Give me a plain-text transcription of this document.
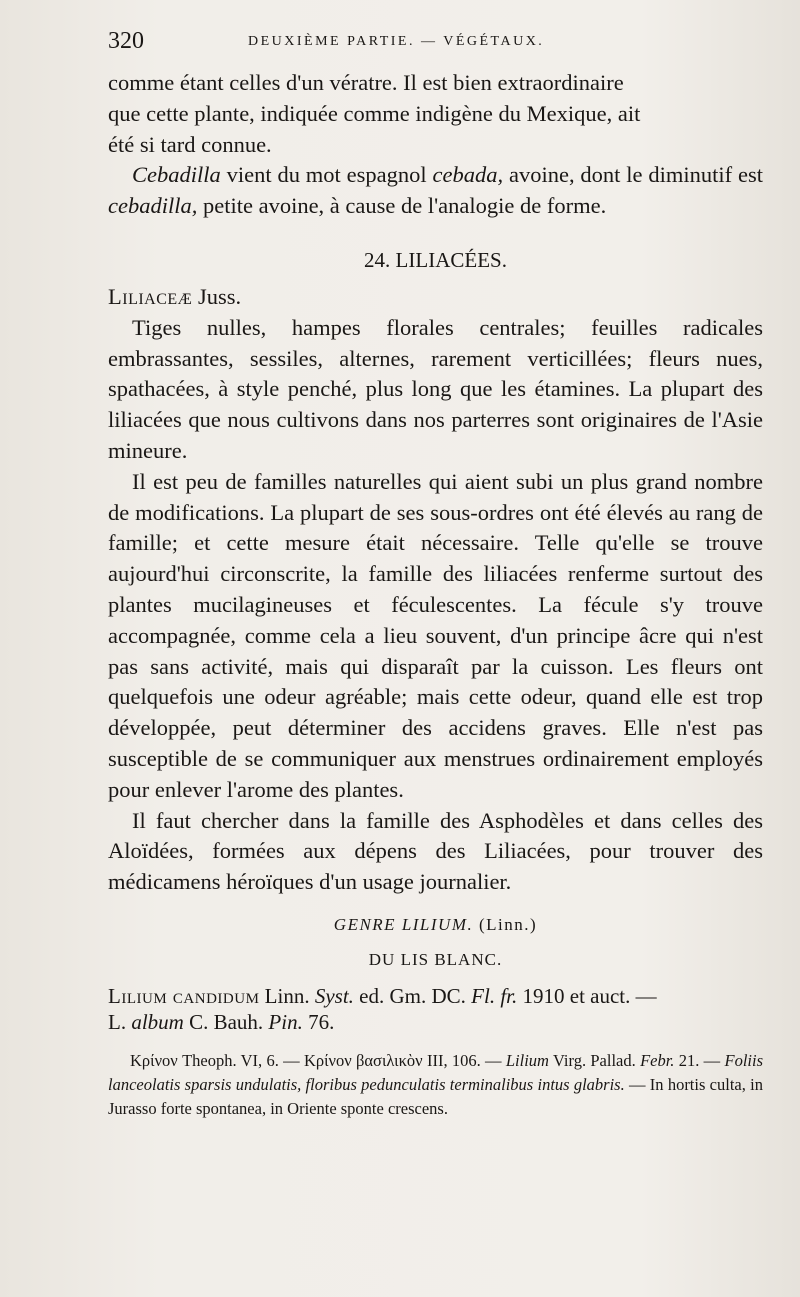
320	DEUXIÈME PARTIE. — VÉGÉTAUX.

comme étant celles d'un vératre. Il est bien extraordinaire

que cette plante, indiquée comme indigène du Mexique, ait

été si tard connue.

Cebadilla vient du mot espagnol cebada, avoine, dont le diminutif est cebadilla, petite avoine, à cause de l'analogie de forme.

24. LILIACÉES.

Liliaceæ Juss.

Tiges nulles, hampes florales centrales; feuilles radicales embrassantes, sessiles, alternes, rarement verticillées; fleurs nues, spathacées, à style penché, plus long que les étamines. La plupart des liliacées que nous cultivons dans nos parterres sont originaires de l'Asie mineure.

Il est peu de familles naturelles qui aient subi un plus grand nombre de modifications. La plupart de ses sous-ordres ont été élevés au rang de famille; et cette mesure était nécessaire. Telle qu'elle se trouve aujourd'hui circonscrite, la famille des liliacées renferme surtout des plantes mucilagineuses et féculescentes. La fécule s'y trouve accompagnée, comme cela a lieu souvent, d'un principe âcre qui n'est pas sans activité, mais qui disparaît par la cuisson. Les fleurs ont quelquefois une odeur agréable; mais cette odeur, quand elle est trop développée, peut déterminer des accidens graves. Elle n'est pas susceptible de se communiquer aux menstrues ordinairement employés pour enlever l'arome des plantes.

Il faut chercher dans la famille des Asphodèles et dans celles des Aloïdées, formées aux dépens des Liliacées, pour trouver des médicamens héroïques d'un usage journalier.

GENRE LILIUM. (Linn.)
DU LIS BLANC.
Lilium candidum Linn. Syst. ed. Gm. DC. Fl. fr. 1910 et auct. —
L. album C. Bauh. Pin. 76.
Κρίνον Theoph. VI, 6. — Κρίνον βασιλικὸν III, 106. — Lilium Virg. Pallad. Febr. 21. — Foliis lanceolatis sparsis undulatis, floribus pedunculatis terminalibus intus glabris. — In hortis culta, in Jurasso forte spontanea, in Oriente sponte crescens.
